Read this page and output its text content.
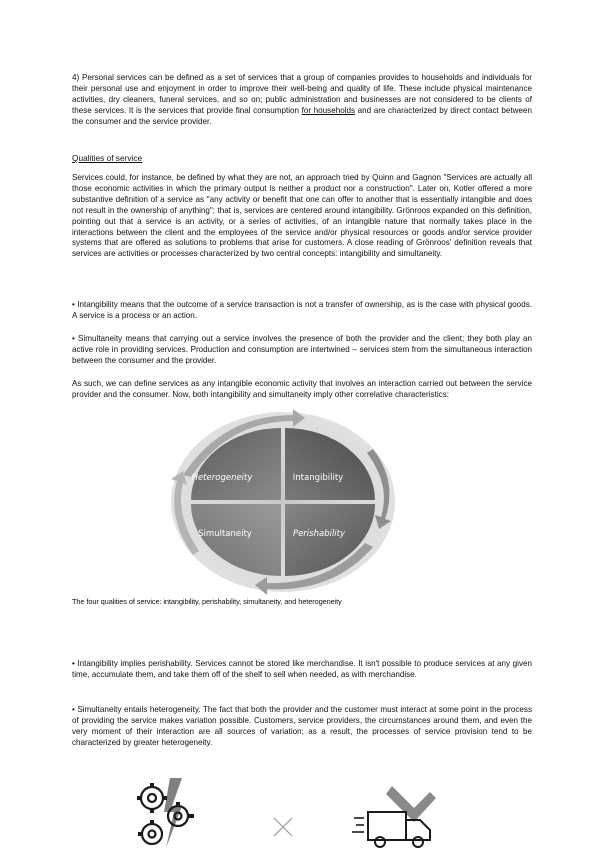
4) Personal services can be defined as a set of services that a group of companies provides to households and individuals for their personal use and enjoyment in order to improve their well-being and quality of life. These include physical maintenance activities, dry cleaners, funeral services, and so on; public administration and businesses are not considered to be clients of these services. It is the services that provide final consumption for households and are characterized by direct contact between the consumer and the service provider.

Qualities of service

Services could, for instance, be defined by what they are not, an approach tried by Quinn and Gagnon "Services are actually all those economic activities in which the primary output is neither a product nor a construction". Later on, Kotler offered a more substantive definition of a service as "any activity or benefit that one can offer to another that is essentially intangible and does not result in the ownership of anything"; that is, services are centered around intangibility. Grönroos expanded on this definition, pointing out that a service is an activity, or a series of activities, of an intangible nature that normally takes place in the interactions between the client and the employees of the service and/or physical resources or goods and/or service provider systems that are offered as solutions to problems that arise for customers. A close reading of Grönroos' definition reveals that services are activities or processes characterized by two central concepts: intangibility and simultaneity.

• Intangibility means that the outcome of a service transaction is not a transfer of ownership, as is the case with physical goods. A service is a process or an action.

• Simultaneity means that carrying out a service involves the presence of both the provider and the client; they both play an active role in providing services. Production and consumption are intertwined – services stem from the simultaneous interaction between the consumer and the provider.

As such, we can define services as any intangible economic activity that involves an interaction carried out between the service provider and the consumer. Now, both intangibility and simultaneity imply other correlative characteristics:

Heterogeneity	Intangibility
Simultaneity	Perishability
The four qualities of service: intangibility, perishability, simultaneity, and heterogeneity

• Intangibility implies perishability. Services cannot be stored like merchandise. It isn't possible to produce services at any given time, accumulate them, and take them off of the shelf to sell when needed, as with merchandise.

• Simultaneity entails heterogeneity. The fact that both the provider and the customer must interact at some point in the process of providing the service makes variation possible. Customers, service providers, the circumstances around them, and even the very moment of their interaction are all sources of variation; as a result, the processes of service provision tend to be characterized by greater heterogeneity.
